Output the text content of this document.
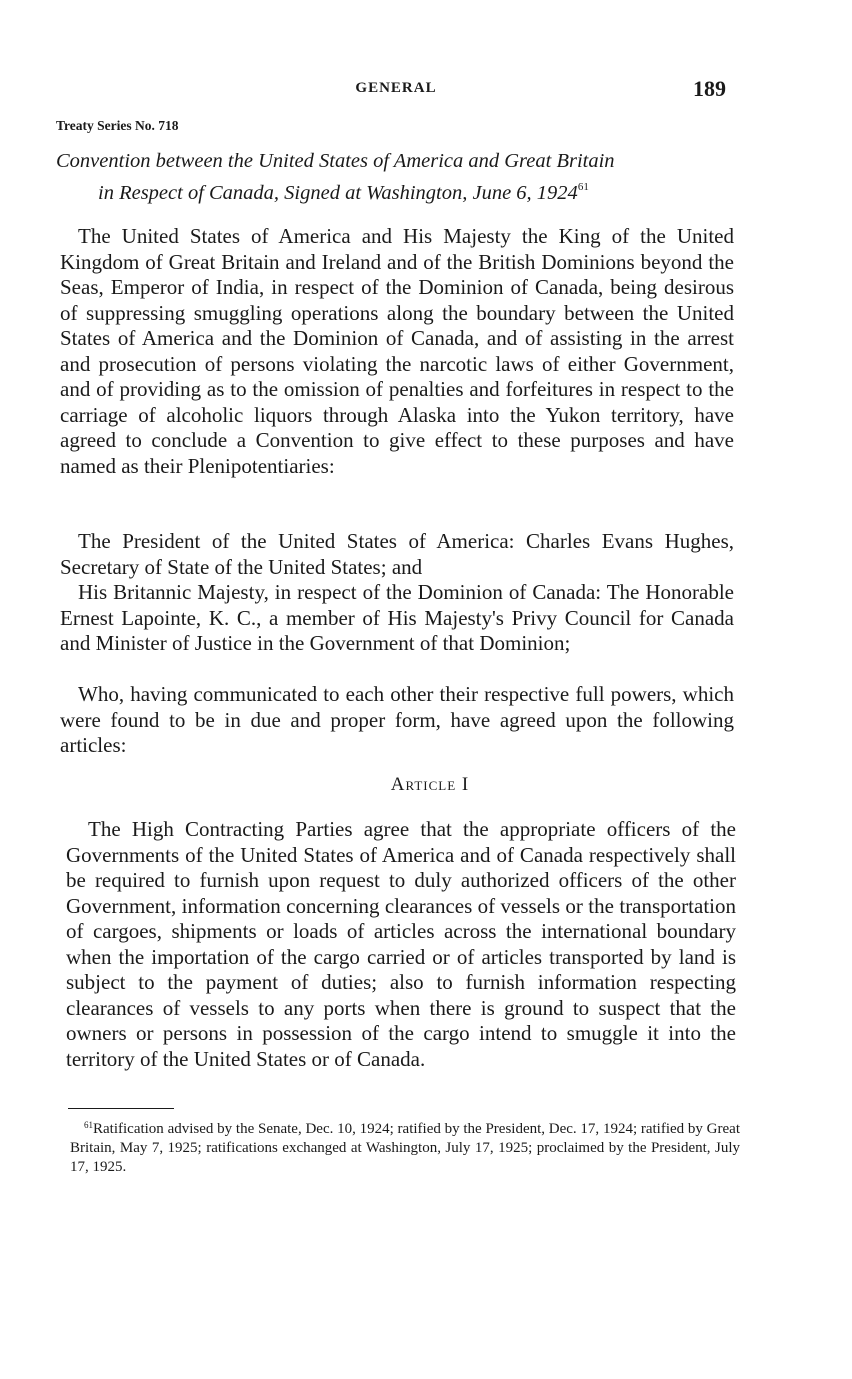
GENERAL	189
Treaty Series No. 718
Convention between the United States of America and Great Britain
in Respect of Canada, Signed at Washington, June 6, 1924$^{61}$

The United States of America and His Majesty the King of the United Kingdom of Great Britain and Ireland and of the British Dominions beyond the Seas, Emperor of India, in respect of the Dominion of Canada, being desirous of suppressing smuggling operations along the boundary between the United States of America and the Dominion of Canada, and of assisting in the arrest and prosecution of persons violating the narcotic laws of either Government, and of providing as to the omission of penalties and forfeitures in respect to the carriage of alcoholic liquors through Alaska into the Yukon territory, have agreed to conclude a Convention to give effect to these purposes and have named as their Plenipotentiaries:

The President of the United States of America: Charles Evans Hughes, Secretary of State of the United States; and

His Britannic Majesty, in respect of the Dominion of Canada: The Honorable Ernest Lapointe, K. C., a member of His Majesty's Privy Council for Canada and Minister of Justice in the Government of that Dominion;

Who, having communicated to each other their respective full powers, which were found to be in due and proper form, have agreed upon the following articles:

Article I

The High Contracting Parties agree that the appropriate officers of the Governments of the United States of America and of Canada respectively shall be required to furnish upon request to duly authorized officers of the other Government, information concerning clearances of vessels or the transportation of cargoes, shipments or loads of articles across the international boundary when the importation of the cargo carried or of articles transported by land is subject to the payment of duties; also to furnish information respecting clearances of vessels to any ports when there is ground to suspect that the owners or persons in possession of the cargo intend to smuggle it into the territory of the United States or of Canada.

$^{61}$Ratification advised by the Senate, Dec. 10, 1924; ratified by the President, Dec. 17, 1924; ratified by Great Britain, May 7, 1925; ratifications exchanged at Washington, July 17, 1925; proclaimed by the President, July 17, 1925.
